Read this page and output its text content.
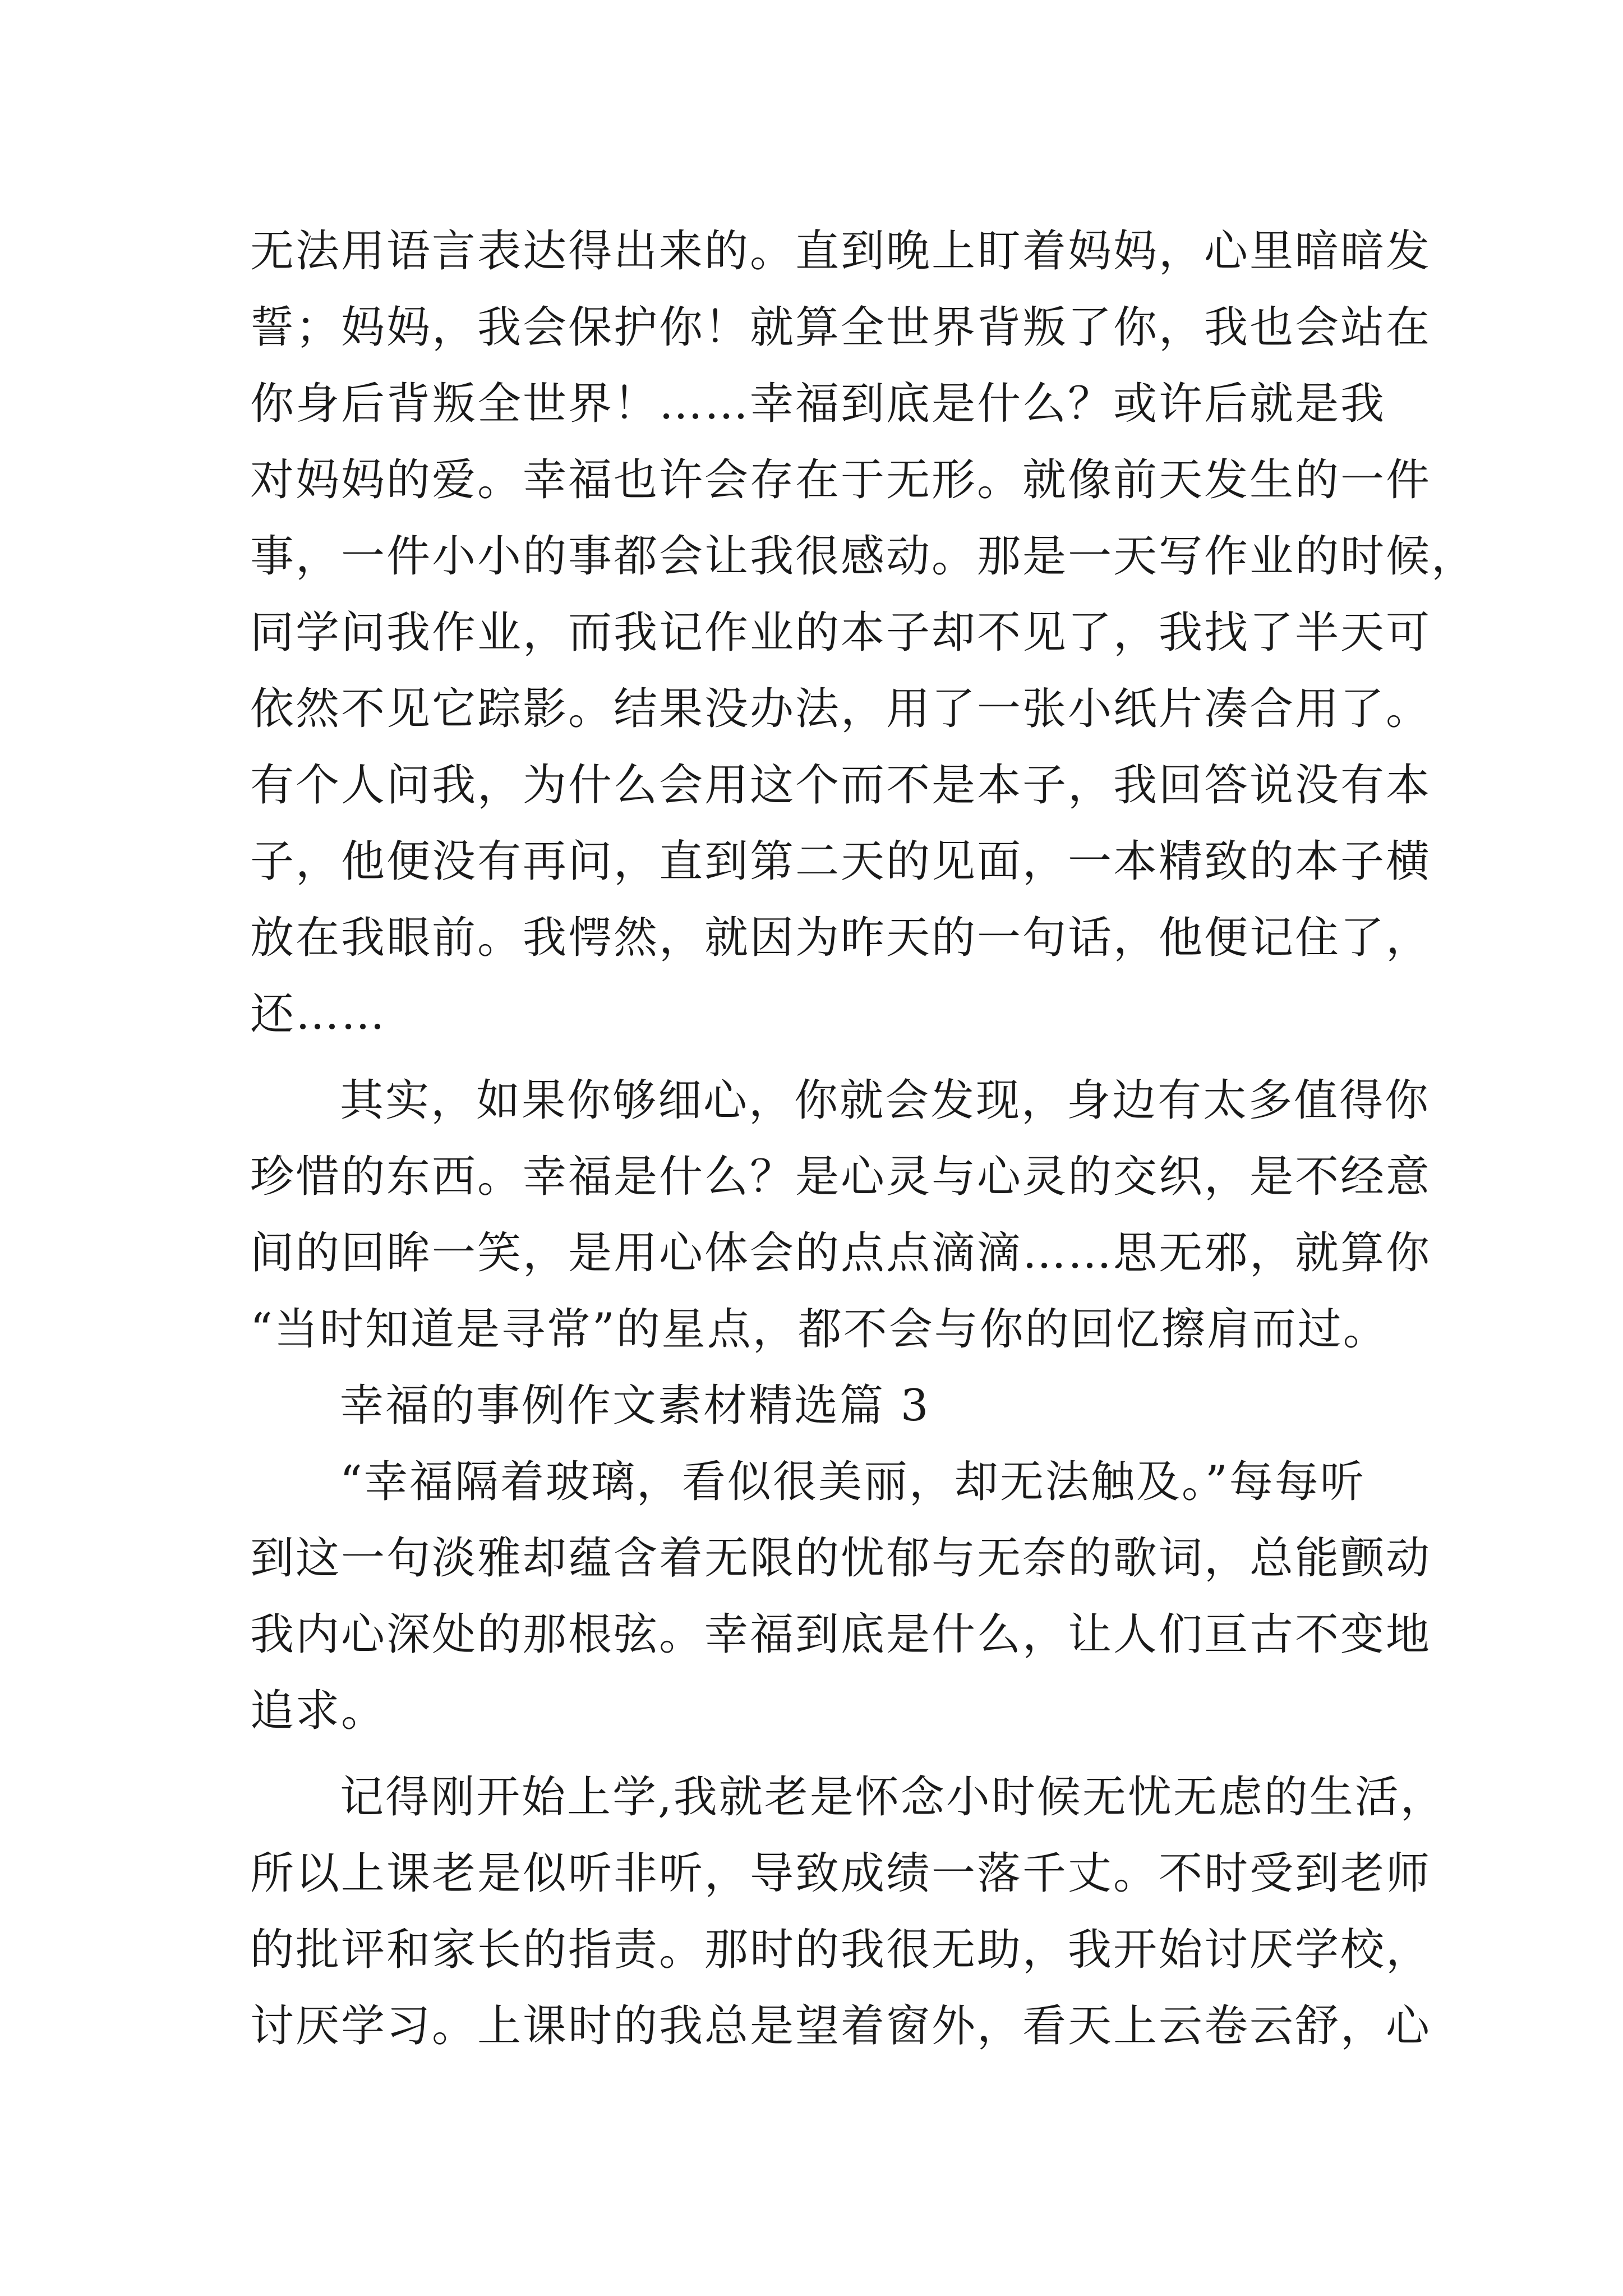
无法用语言表达得出来的。直到晚上盯着妈妈，心里暗暗发
誓；妈妈，我会保护你！就算全世界背叛了你，我也会站在
你身后背叛全世界！……幸福到底是什么？或许后就是我
对妈妈的爱。幸福也许会存在于无形。就像前天发生的一件
事，一件小小的事都会让我很感动。那是一天写作业的时候，
同学问我作业，而我记作业的本子却不见了，我找了半天可
依然不见它踪影。结果没办法，用了一张小纸片凑合用了。
有个人问我，为什么会用这个而不是本子，我回答说没有本
子，他便没有再问，直到第二天的见面，一本精致的本子横
放在我眼前。我愕然，就因为昨天的一句话，他便记住了，
还……
其实，如果你够细心，你就会发现，身边有太多值得你
珍惜的东西。幸福是什么？是心灵与心灵的交织，是不经意
间的回眸一笑，是用心体会的点点滴滴……思无邪，就算你
“当时知道是寻常”的星点，都不会与你的回忆擦肩而过。
幸福的事例作文素材精选篇 3
“幸福隔着玻璃，看似很美丽，却无法触及。”每每听
到这一句淡雅却蕴含着无限的忧郁与无奈的歌词，总能颤动
我内心深处的那根弦。幸福到底是什么，让人们亘古不变地
追求。
记得刚开始上学,我就老是怀念小时候无忧无虑的生活，
所以上课老是似听非听，导致成绩一落千丈。不时受到老师
的批评和家长的指责。那时的我很无助，我开始讨厌学校，
讨厌学习。上课时的我总是望着窗外，看天上云卷云舒，心
